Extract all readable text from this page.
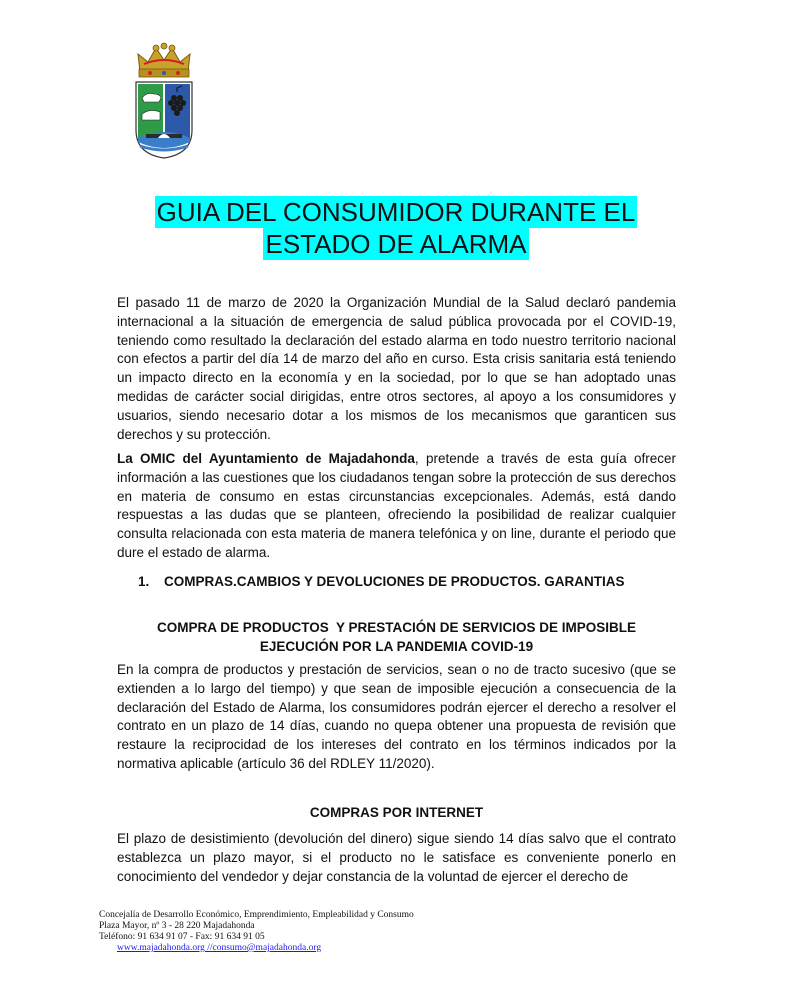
GUIA DEL CONSUMIDOR DURANTE EL
ESTADO DE ALARMA

El pasado 11 de marzo de 2020 la Organización Mundial de la Salud declaró pandemia internacional a la situación de emergencia de salud pública provocada por el COVID-19, teniendo como resultado la declaración del estado alarma en todo nuestro territorio nacional con efectos a partir del día 14 de marzo del año en curso. Esta crisis sanitaria está teniendo un impacto directo en la economía y en la sociedad, por lo que se han adoptado unas medidas de carácter social dirigidas, entre otros sectores, al apoyo a los consumidores y usuarios, siendo necesario dotar a los mismos de los mecanismos que garanticen sus derechos y su protección.

La OMIC del Ayuntamiento de Majadahonda, pretende a través de esta guía ofrecer información a las cuestiones que los ciudadanos tengan sobre la protección de sus derechos en materia de consumo en estas circunstancias excepcionales. Además, está dando respuestas a las dudas que se planteen, ofreciendo la posibilidad de realizar cualquier consulta relacionada con esta materia de manera telefónica y on line, durante el periodo que dure el estado de alarma.

1. COMPRAS.CAMBIOS Y DEVOLUCIONES DE PRODUCTOS. GARANTIAS
COMPRA DE PRODUCTOS  Y PRESTACIÓN DE SERVICIOS DE IMPOSIBLE
EJECUCIÓN POR LA PANDEMIA COVID-19

En la compra de productos y prestación de servicios, sean o no de tracto sucesivo (que se extienden a lo largo del tiempo) y que sean de imposible ejecución a consecuencia de la declaración del Estado de Alarma, los consumidores podrán ejercer el derecho a resolver el contrato en un plazo de 14 días, cuando no quepa obtener una propuesta de revisión que restaure la reciprocidad de los intereses del contrato en los términos indicados por la normativa aplicable (artículo 36 del RDLEY 11/2020).

COMPRAS POR INTERNET

El plazo de desistimiento (devolución del dinero) sigue siendo 14 días salvo que el contrato establezca un plazo mayor, si el producto no le satisface es conveniente ponerlo en conocimiento del vendedor y dejar constancia de la voluntad de ejercer el derecho de

Concejalía de Desarrollo Económico, Emprendimiento, Empleabilidad y Consumo
Plaza Mayor, nº 3 - 28 220 Majadahonda
Teléfono: 91 634 91 07 - Fax: 91 634 91 05
www.majadahonda.org //consumo@majadahonda.org
